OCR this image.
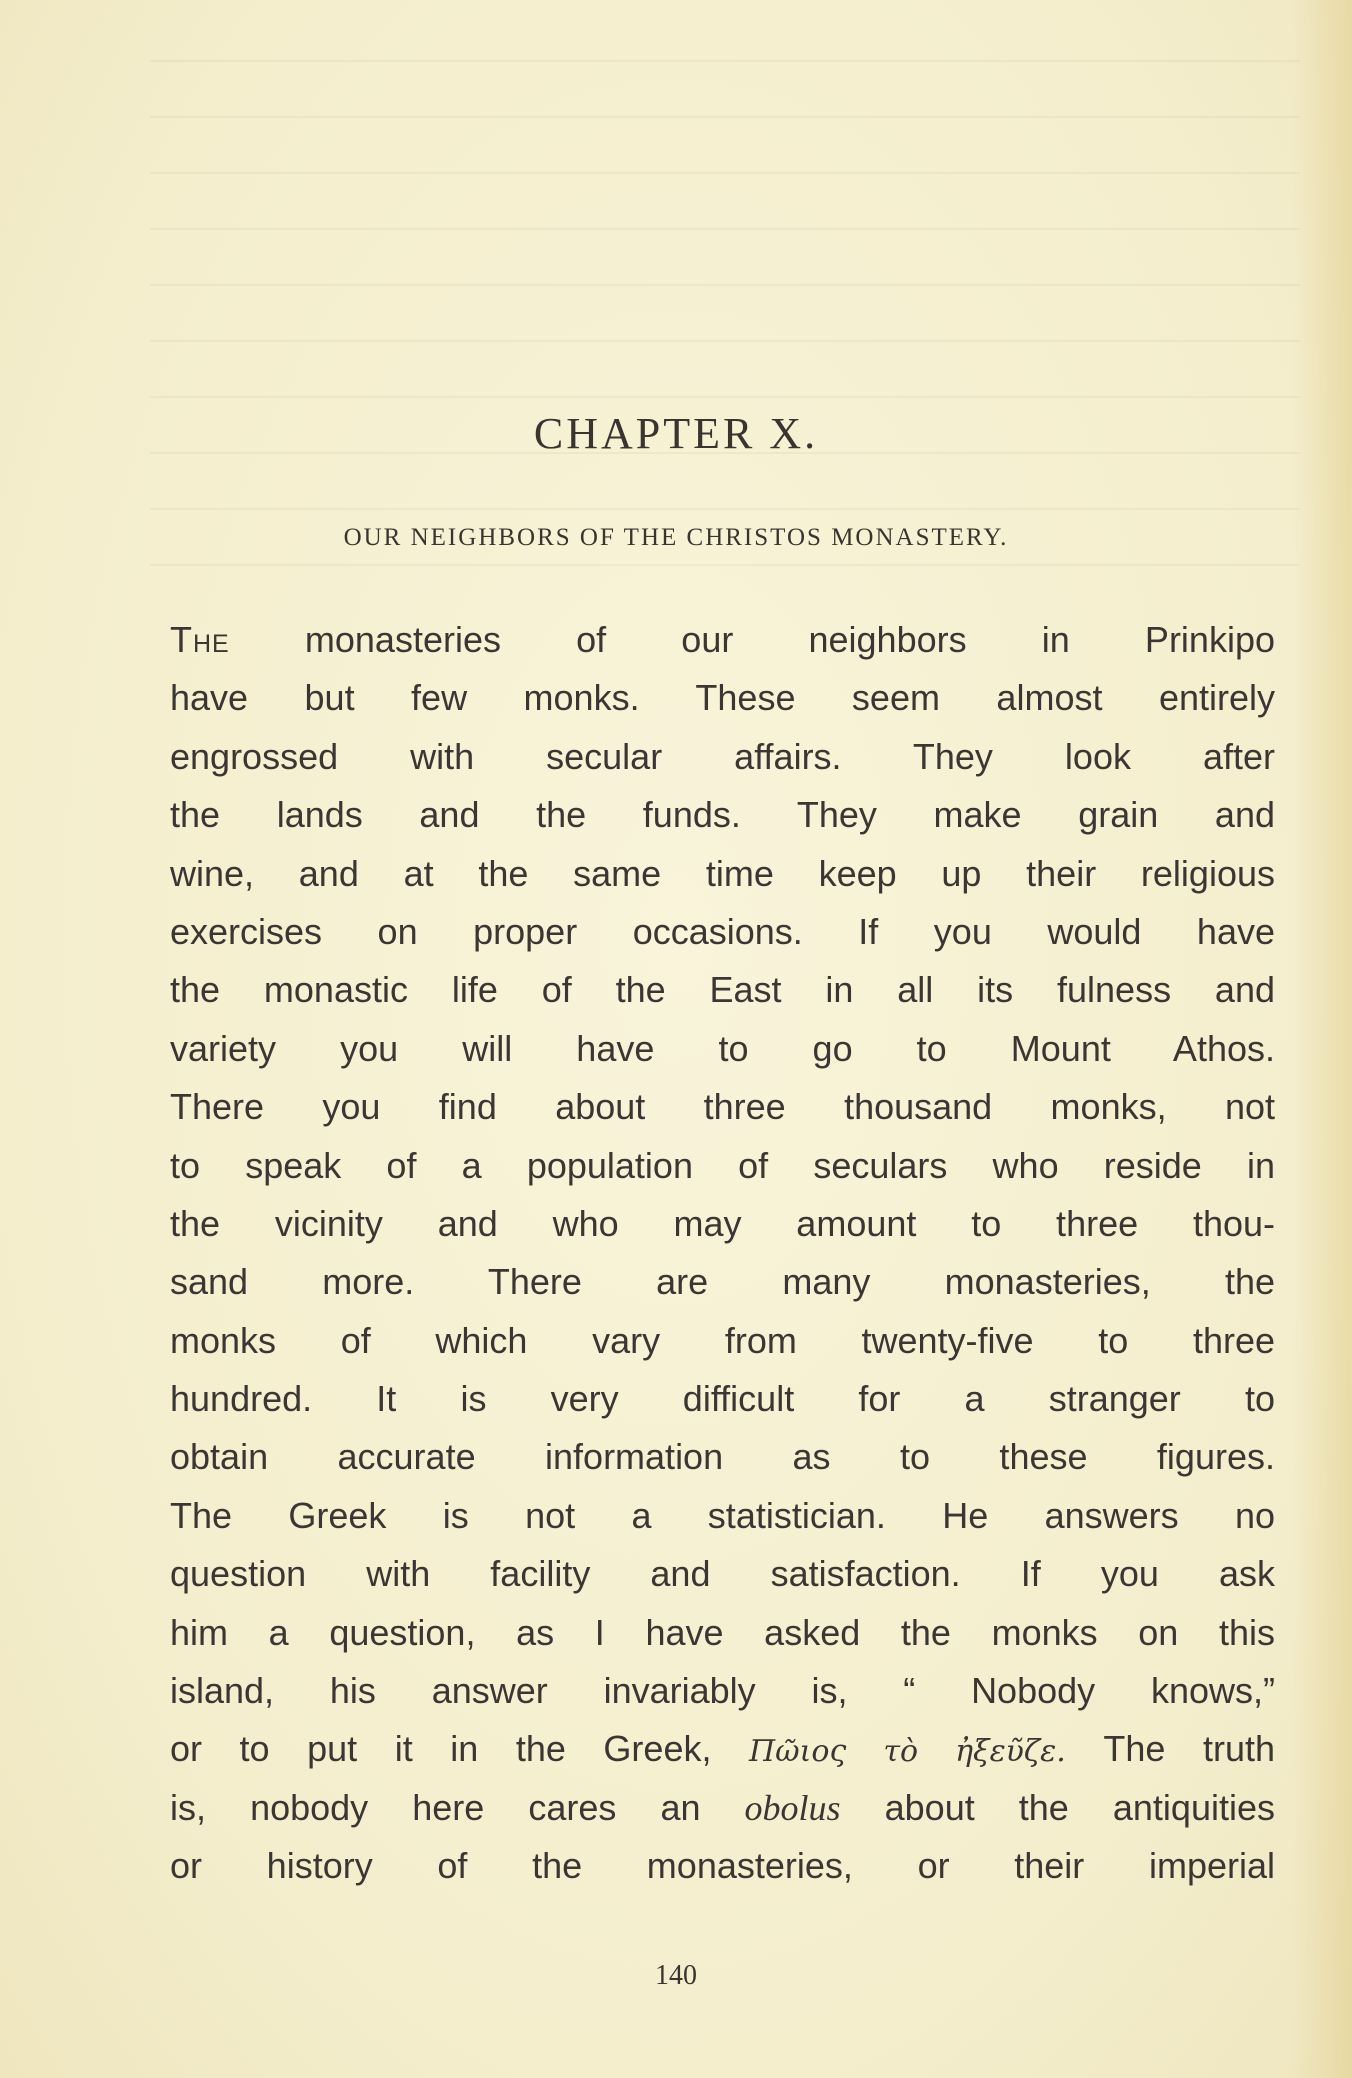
CHAPTER X.
OUR NEIGHBORS OF THE CHRISTOS MONASTERY.
The monasteries of our neighbors in Prinkipo
have but few monks. These seem almost entirely
engrossed with secular affairs. They look after
the lands and the funds. They make grain and
wine, and at the same time keep up their religious
exercises on proper occasions. If you would have
the monastic life of the East in all its fulness and
variety you will have to go to Mount Athos.
There you find about three thousand monks, not
to speak of a population of seculars who reside in
the vicinity and who may amount to three thou-
sand more. There are many monasteries, the
monks of which vary from twenty-five to three
hundred. It is very difficult for a stranger to
obtain accurate information as to these figures.
The Greek is not a statistician. He answers no
question with facility and satisfaction. If you ask
him a question, as I have asked the monks on this
island, his answer invariably is, “ Nobody knows,”
or to put it in the Greek, Πῶιος τὸ ἠξεῦζε. The truth
is, nobody here cares an obolus about the antiquities
or history of the monasteries, or their imperial
140
